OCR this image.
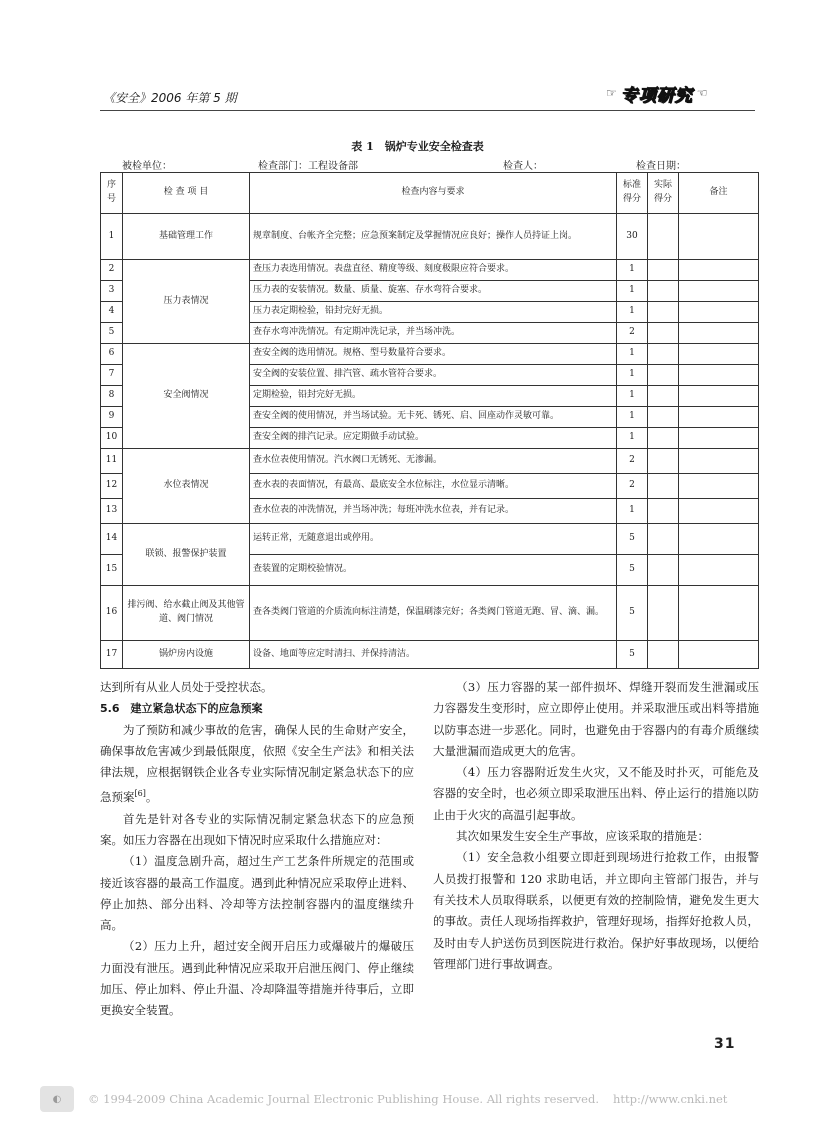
《安全》2006 年第 5 期	☞ 专项研究 ☜
表 1　锅炉专业安全检查表
被检单位：	检查部门：工程设备部	检查人：	检查日期：
序号	检 查 项 目	检查内容与要求	标准得分	实际得分	备注
1	基础管理工作	规章制度、台帐齐全完整；应急预案制定及掌握情况应良好；操作人员持证上岗。	30		
2	压力表情况	查压力表选用情况。表盘直径、精度等级、刻度极限应符合要求。	1		
3		压力表的安装情况。数量、质量、旋塞、存水弯符合要求。	1		
4		压力表定期检验，铅封完好无损。	1		
5		查存水弯冲洗情况。有定期冲洗记录，并当场冲洗。	2		
6	安全阀情况	查安全阀的选用情况。规格、型号数量符合要求。	1		
7		安全阀的安装位置、排汽管、疏水管符合要求。	1		
8		定期检验，铅封完好无损。	1		
9		查安全阀的使用情况，并当场试验。无卡死、锈死、启、回座动作灵敏可靠。	1		
10		查安全阀的排汽记录。应定期做手动试验。	1		
11	水位表情况	查水位表使用情况。汽水阀口无锈死、无渗漏。	2		
12		查水表的表面情况，有最高、最底安全水位标注，水位显示清晰。	2		
13		查水位表的冲洗情况，并当场冲洗；每班冲洗水位表，并有记录。	1		
14	联锁、报警保护装置	运转正常，无随意退出或停用。	5		
15		查装置的定期校验情况。	5		
16	排污阀、给水截止阀及其他管道、阀门情况	查各类阀门管道的介质流向标注清楚，保温刷漆完好；各类阀门管道无跑、冒、滴、漏。	5		
17	锅炉房内设施	设备、地面等应定时清扫、并保持清洁。	5		

达到所有从业人员处于受控状态。

5.6　建立紧急状态下的应急预案

为了预防和减少事故的危害，确保人民的生命财产安全，确保事故危害减少到最低限度，依照《安全生产法》和相关法律法规，应根据钢铁企业各专业实际情况制定紧急状态下的应急预案[6]。

首先是针对各专业的实际情况制定紧急状态下的应急预案。如压力容器在出现如下情况时应采取什么措施应对：

（1）温度急剧升高，超过生产工艺条件所规定的范围或接近该容器的最高工作温度。遇到此种情况应采取停止进料、停止加热、部分出料、冷却等方法控制容器内的温度继续升高。

（2）压力上升，超过安全阀开启压力或爆破片的爆破压力面没有泄压。遇到此种情况应采取开启泄压阀门、停止继续加压、停止加料、停止升温、冷却降温等措施并待事后，立即更换安全装置。

（3）压力容器的某一部件损坏、焊缝开裂而发生泄漏或压力容器发生变形时，应立即停止使用。并采取泄压或出料等措施以防事态进一步恶化。同时，也避免由于容器内的有毒介质继续大量泄漏而造成更大的危害。

（4）压力容器附近发生火灾，又不能及时扑灭，可能危及容器的安全时，也必须立即采取泄压出料、停止运行的措施以防止由于火灾的高温引起事故。

其次如果发生安全生产事故，应该采取的措施是：

（1）安全急救小组要立即赶到现场进行抢救工作，由报警人员拨打报警和 120 求助电话，并立即向主管部门报告，并与有关技术人员取得联系，以便更有效的控制险情，避免发生更大的事故。责任人现场指挥救护，管理好现场，指挥好抢救人员，及时由专人护送伤员到医院进行救治。保护好事故现场，以便给管理部门进行事故调查。

31
◐	© 1994-2009 China Academic Journal Electronic Publishing House. All rights reserved. http://www.cnki.net
